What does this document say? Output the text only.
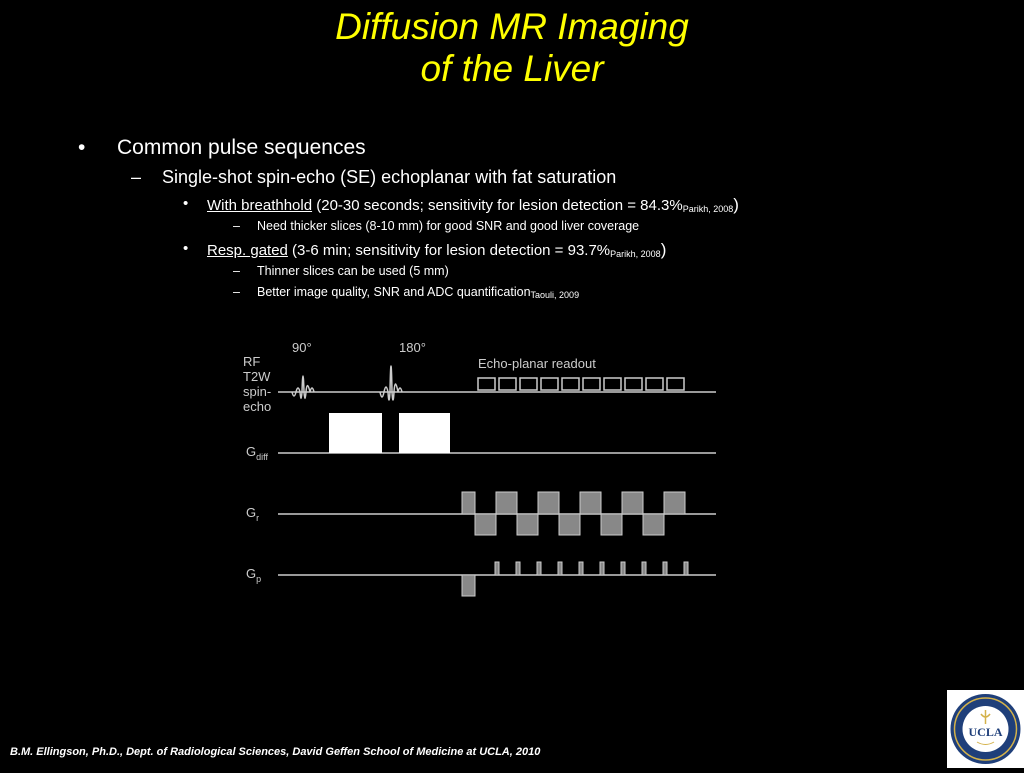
Diffusion MR Imaging
of the Liver
• Common pulse sequences
– Single-shot spin-echo (SE) echoplanar with fat saturation
• With breathhold (20-30 seconds; sensitivity for lesion detection = $84.3\%_{Parikh, 2008}$)
– Need thicker slices (8-10 mm) for good SNR and good liver coverage
• Resp. gated (3-6 min; sensitivity for lesion detection = $93.7\%_{Parikh, 2008}$)
– Thinner slices can be used (5 mm)
– Better image quality, SNR and ADC quantification$_{Taouli, 2009}$
RF
T2W
spin-
echo
90°	180°
Echo-planar readout
$G_{diff}$
$G_r$
$G_p$
B.M. Ellingson, Ph.D., Dept. of Radiological Sciences, David Geffen School of Medicine at UCLA, 2010
UCLA
